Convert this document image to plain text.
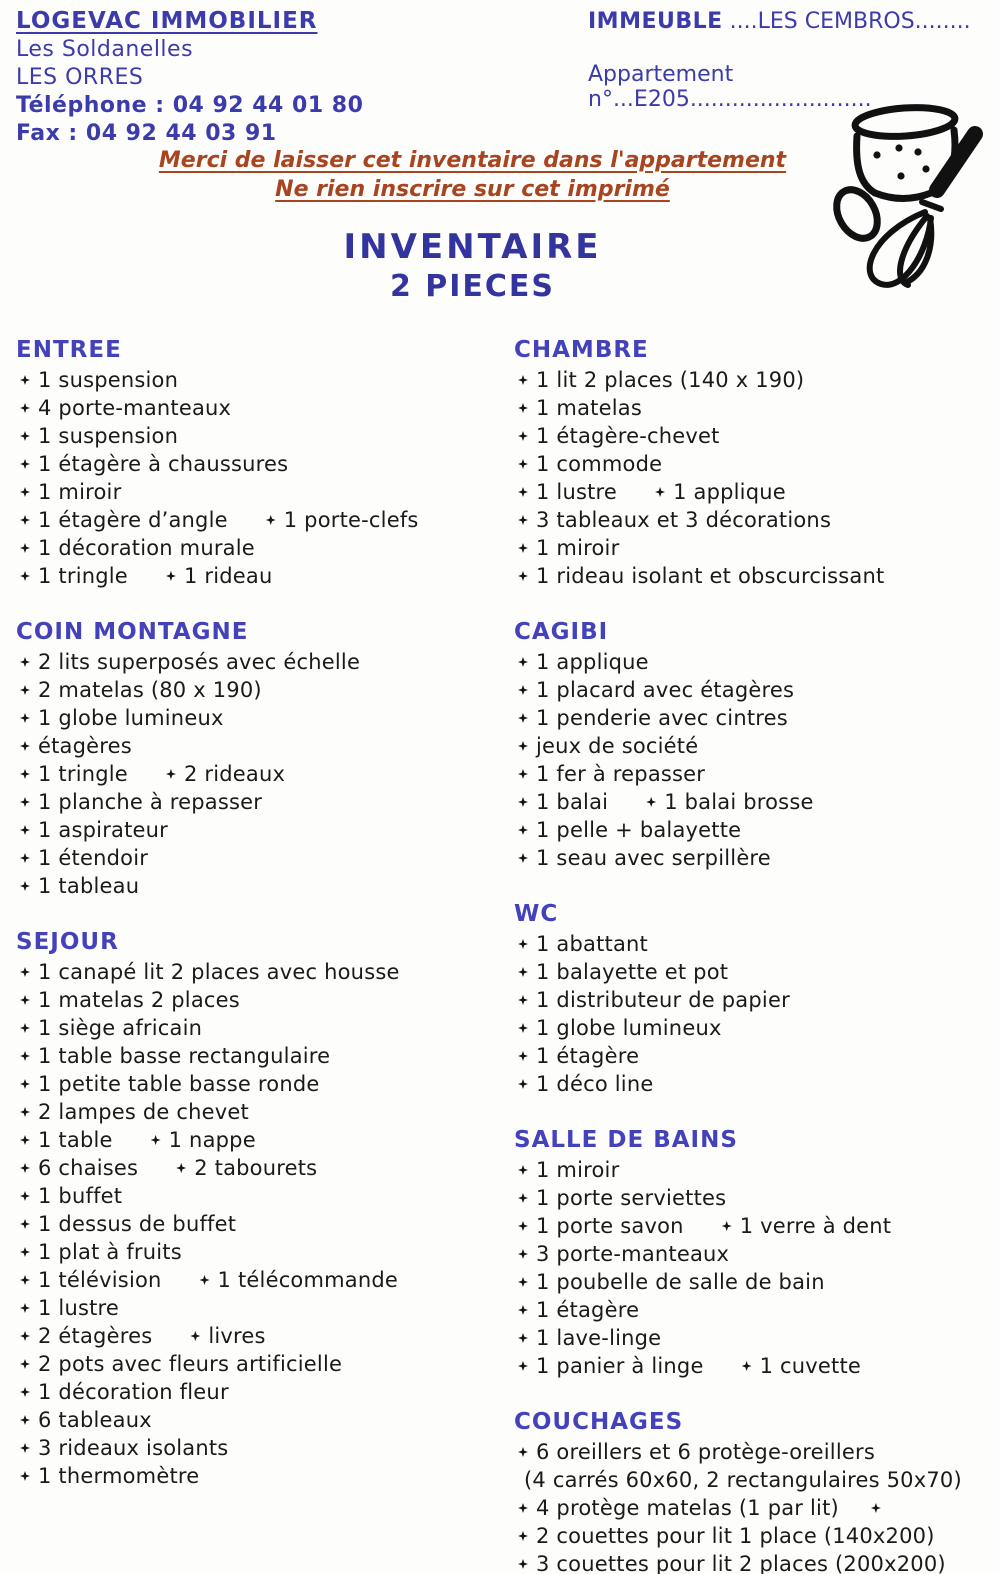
LOGEVAC IMMOBILIER
Les Soldanelles
LES ORRES
Téléphone : 04 92 44 01 80
Fax : 04 92 44 03 91
IMMEUBLE ....LES CEMBROS........
Appartement n°...E205..........................
Merci de laisser cet inventaire dans l'appartement
Ne rien inscrire sur cet imprimé
INVENTAIRE
2 PIECES
ENTREE
1 suspension
4 porte-manteaux
1 suspension
1 étagère à chaussures
1 miroir
1 étagère d’angle	1 porte-clefs
1 décoration murale
1 tringle	1 rideau
COIN MONTAGNE
2 lits superposés avec échelle
2 matelas (80 x 190)
1 globe lumineux
étagères
1 tringle	2 rideaux
1 planche à repasser
1 aspirateur
1 étendoir
1 tableau
SEJOUR
1 canapé lit 2 places avec housse
1 matelas 2 places
1 siège africain
1 table basse rectangulaire
1 petite table basse ronde
2 lampes de chevet
1 table	1 nappe
6 chaises	2 tabourets
1 buffet
1 dessus de buffet
1 plat à fruits
1 télévision	1 télécommande
1 lustre
2 étagères	livres
2 pots avec fleurs artificielle
1 décoration fleur
6 tableaux
3 rideaux isolants
1 thermomètre
CHAMBRE
1 lit 2 places (140 x 190)
1 matelas
1 étagère-chevet
1 commode
1 lustre	1 applique
3 tableaux et 3 décorations
1 miroir
1 rideau isolant et obscurcissant
CAGIBI
1 applique
1 placard avec étagères
1 penderie avec cintres
jeux de société
1 fer à repasser
1 balai	1 balai brosse
1 pelle + balayette
1 seau avec serpillère
WC
1 abattant
1 balayette et pot
1 distributeur de papier
1 globe lumineux
1 étagère
1 déco line
SALLE DE BAINS
1 miroir
1 porte serviettes
1 porte savon	1 verre à dent
3 porte-manteaux
1 poubelle de salle de bain
1 étagère
1 lave-linge
1 panier à linge	1 cuvette
COUCHAGES
6 oreillers et 6 protège-oreillers
(4 carrés 60x60, 2 rectangulaires 50x70)
4 protège matelas (1 par lit)
2 couettes pour lit 1 place (140x200)
3 couettes pour lit 2 places (200x200)
